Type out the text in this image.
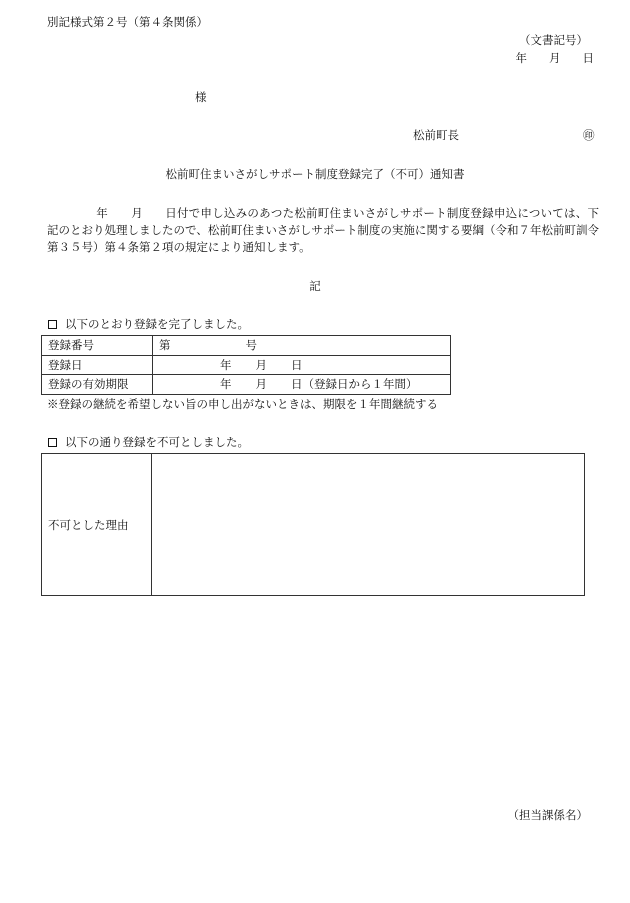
別記様式第２号（第４条関係）
（文書記号）
年 月 日
様
松前町長	㊞
松前町住まいさがしサポート制度登録完了（不可）通知書
年 月 日付で申し込みのあつた松前町住まいさがしサポート制度登録申込については、下記のとおり処理しましたので、松前町住まいさがしサポート制度の実施に関する要綱（令和７年松前町訓令第３５号）第４条第２項の規定により通知します。
記
以下のとおり登録を完了しました。
登録番号	第 号
登録日	年 月 日
登録の有効期限	年 月 日（登録日から１年間）
※登録の継続を希望しない旨の申し出がないときは、期限を１年間継続する
以下の通り登録を不可としました。
不可とした理由
（担当課係名）
